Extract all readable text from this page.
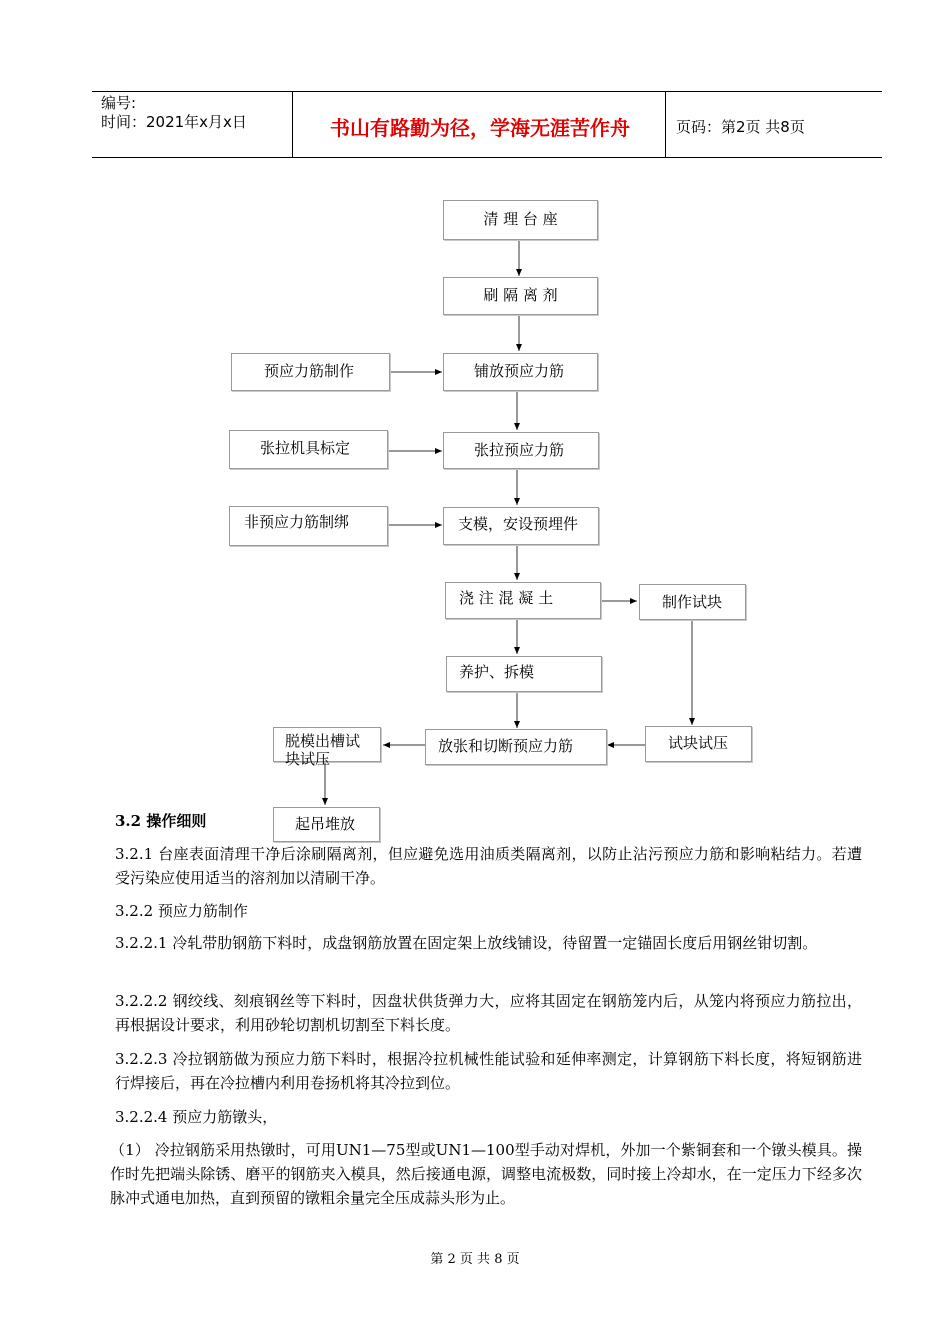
编号:
时间：2021年x月x日	书山有路勤为径，学海无涯苦作舟	页码：第2页 共8页
清 理 台 座
刷 隔 离 剂
预应力筋制作	铺放预应力筋
张拉机具标定	张拉预应力筋
非预应力筋制绑	支模，安设预埋件
浇 注 混 凝 土	制作试块
养护、拆模
放张和切断预应力筋	试块试压
脱模出槽试
块试压
起吊堆放
3.2 操作细则
3.2.1 台座表面清理干净后涂刷隔离剂，但应避免选用油质类隔离剂，以防止沾污预应力筋和影响粘结力。若遭受污染应使用适当的溶剂加以清刷干净。
3.2.2 预应力筋制作
3.2.2.1 冷轧带肋钢筋下料时，成盘钢筋放置在固定架上放线铺设，待留置一定锚固长度后用钢丝钳切割。
3.2.2.2 钢绞线、刻痕钢丝等下料时，因盘状供货弹力大，应将其固定在钢筋笼内后，从笼内将预应力筋拉出，再根据设计要求，利用砂轮切割机切割至下料长度。
3.2.2.3 冷拉钢筋做为预应力筋下料时，根据冷拉机械性能试验和延伸率测定，计算钢筋下料长度，将短钢筋进行焊接后，再在冷拉槽内利用卷扬机将其冷拉到位。
3.2.2.4 预应力筋镦头，
（1） 冷拉钢筋采用热镦时，可用UN1—75型或UN1—100型手动对焊机，外加一个紫铜套和一个镦头模具。操作时先把端头除锈、磨平的钢筋夹入模具，然后接通电源，调整电流极数，同时接上冷却水，在一定压力下经多次脉冲式通电加热，直到预留的镦粗余量完全压成蒜头形为止。
第 2 页 共 8 页
